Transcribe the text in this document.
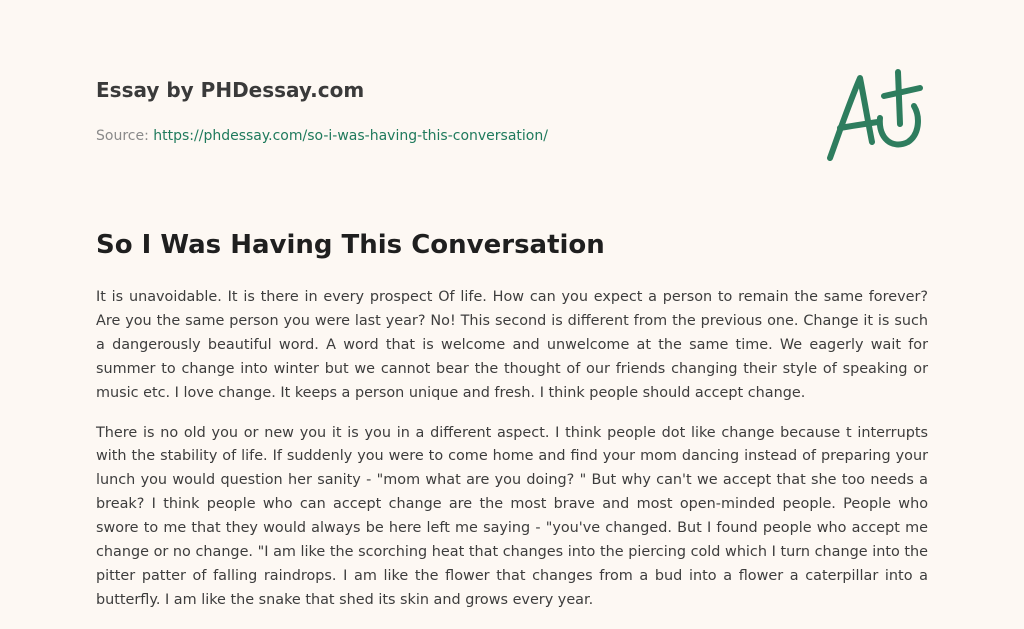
Essay by PHDessay.com
Source: https://phdessay.com/so-i-was-having-this-conversation/
So I Was Having This Conversation

It is unavoidable. It is there in every prospect Of life. How can you expect a person to remain the same forever? Are you the same person you were last year? No! This second is different from the previous one. Change it is such a dangerously beautiful word. A word that is welcome and unwelcome at the same time. We eagerly wait for summer to change into winter but we cannot bear the thought of our friends changing their style of speaking or music etc. I love change. It keeps a person unique and fresh. I think people should accept change.

There is no old you or new you it is you in a different aspect. I think people dot like change because t interrupts with the stability of life. If suddenly you were to come home and find your mom dancing instead of preparing your lunch you would question her sanity - "mom what are you doing? " But why can't we accept that she too needs a break? I think people who can accept change are the most brave and most open-minded people. People who swore to me that they would always be here left me saying - "you've changed. But I found people who accept me change or no change. "I am like the scorching heat that changes into the piercing cold which I turn change into the pitter patter of falling raindrops. I am like the flower that changes from a bud into a flower a caterpillar into a butterfly. I am like the snake that shed its skin and grows every year.
